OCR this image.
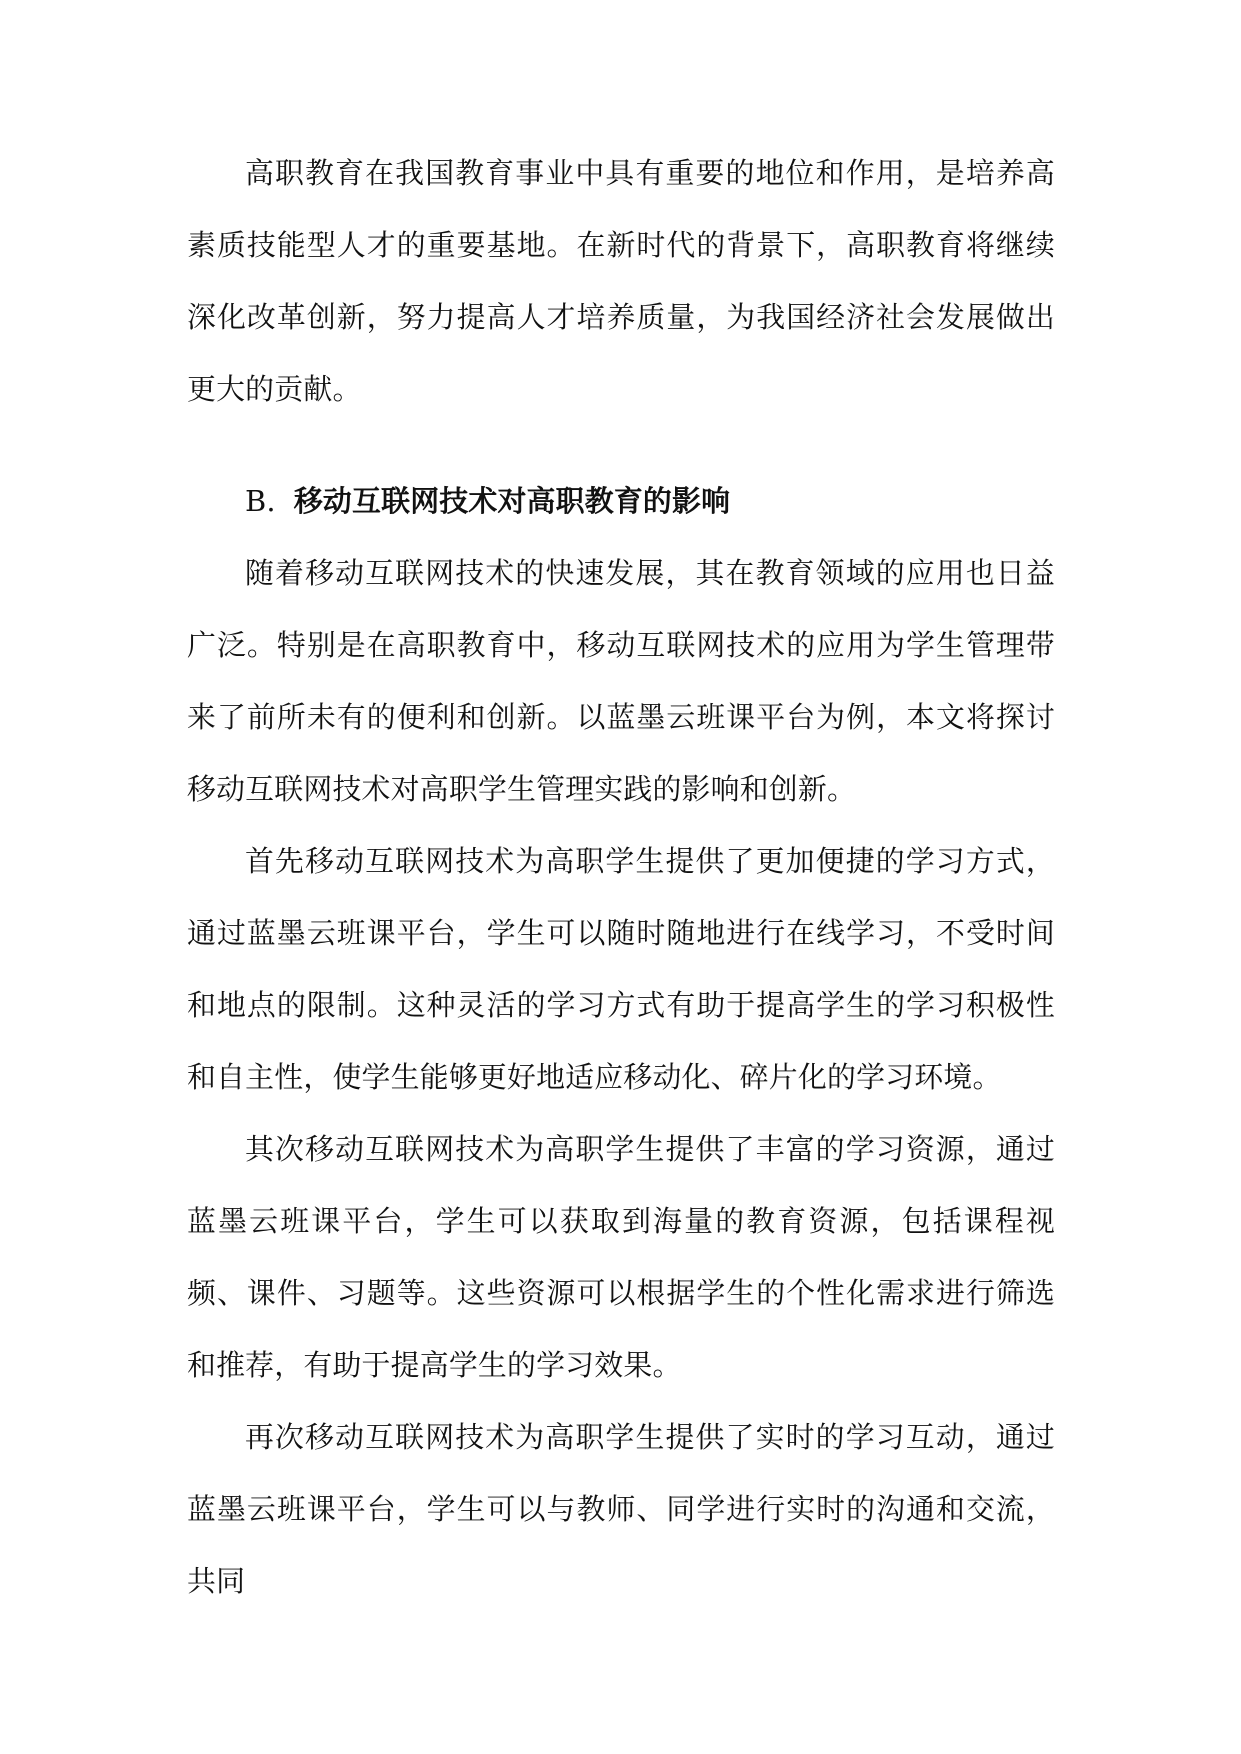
高职教育在我国教育事业中具有重要的地位和作用，是培养高素质技能型人才的重要基地。在新时代的背景下，高职教育将继续深化改革创新，努力提高人才培养质量，为我国经济社会发展做出更大的贡献。

B. 移动互联网技术对高职教育的影响

随着移动互联网技术的快速发展，其在教育领域的应用也日益广泛。特别是在高职教育中，移动互联网技术的应用为学生管理带来了前所未有的便利和创新。以蓝墨云班课平台为例，本文将探讨移动互联网技术对高职学生管理实践的影响和创新。

首先移动互联网技术为高职学生提供了更加便捷的学习方式，通过蓝墨云班课平台，学生可以随时随地进行在线学习，不受时间和地点的限制。这种灵活的学习方式有助于提高学生的学习积极性和自主性，使学生能够更好地适应移动化、碎片化的学习环境。

其次移动互联网技术为高职学生提供了丰富的学习资源，通过蓝墨云班课平台，学生可以获取到海量的教育资源，包括课程视频、课件、习题等。这些资源可以根据学生的个性化需求进行筛选和推荐，有助于提高学生的学习效果。

再次移动互联网技术为高职学生提供了实时的学习互动，通过蓝墨云班课平台，学生可以与教师、同学进行实时的沟通和交流，共同
